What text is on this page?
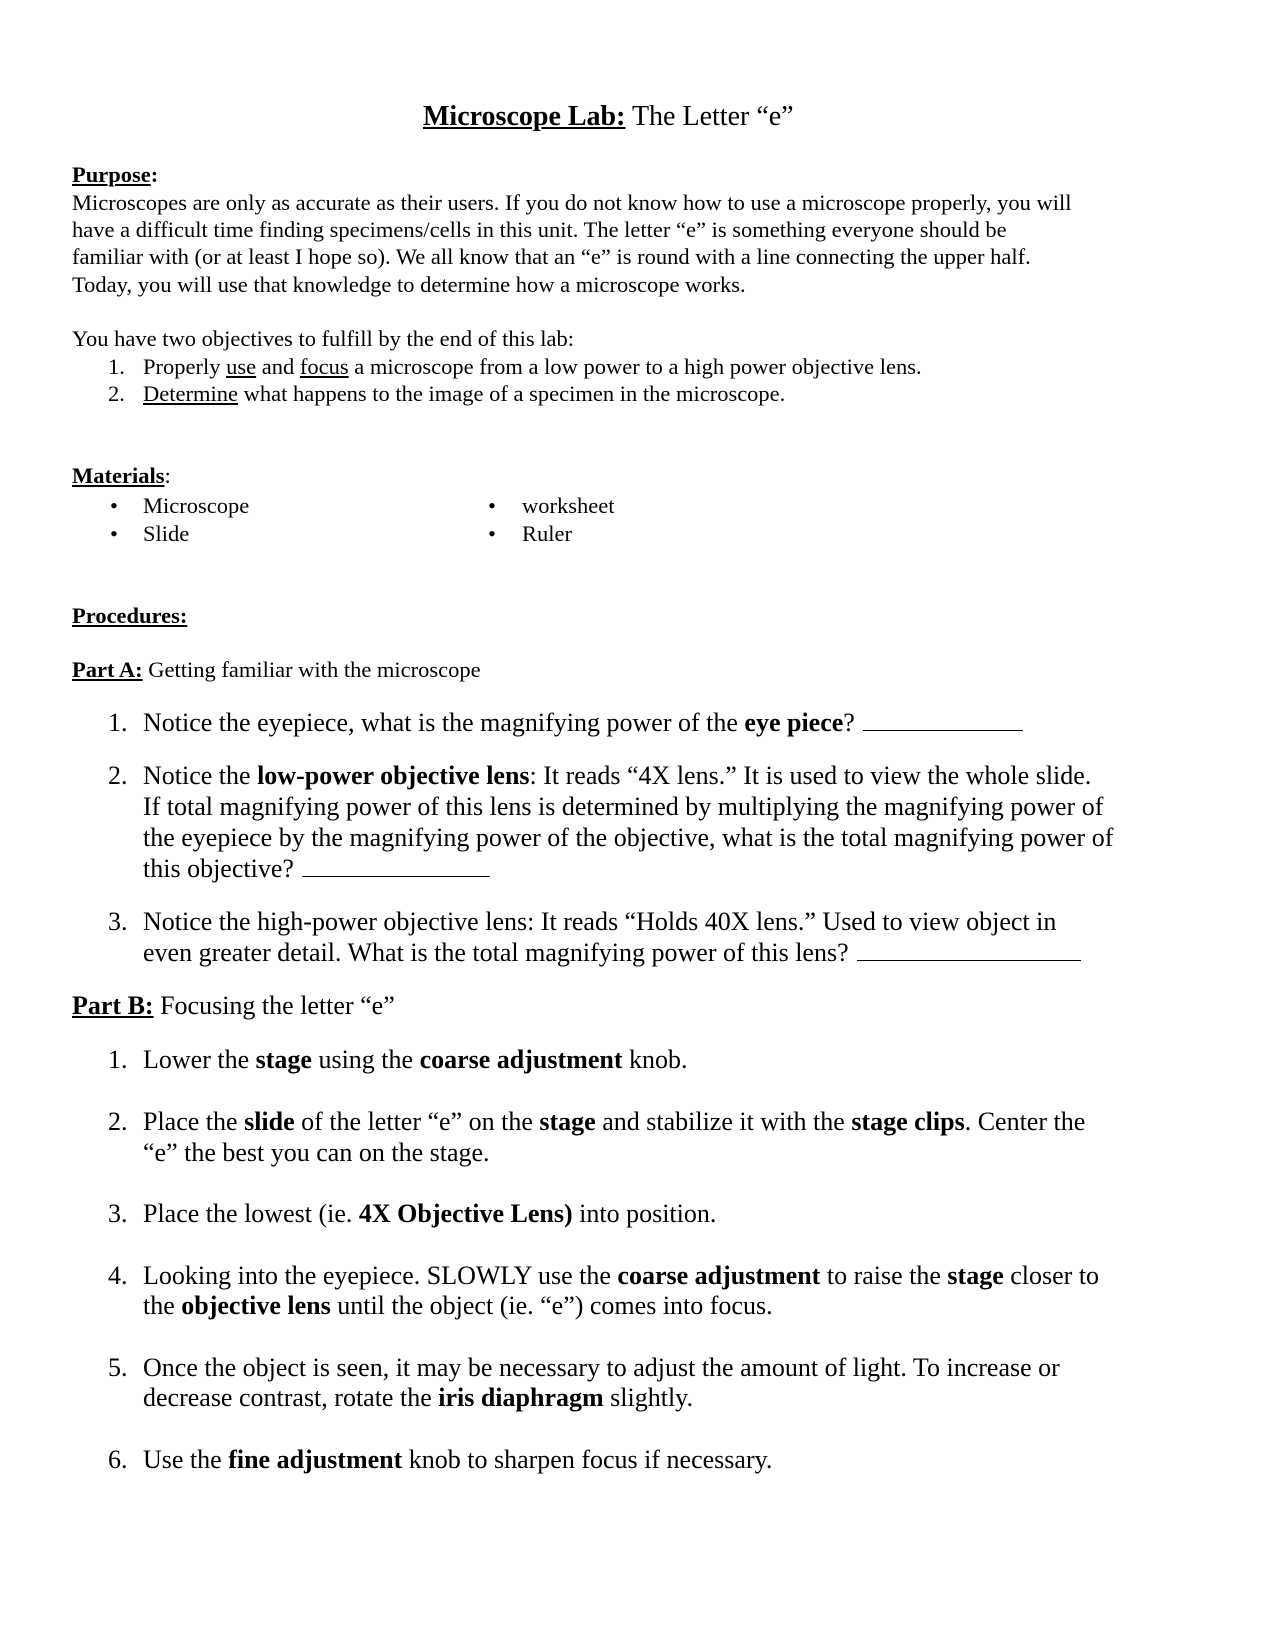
Microscope Lab: The Letter “e”
Purpose:
Microscopes are only as accurate as their users. If you do not know how to use a microscope properly, you will
have a difficult time finding specimens/cells in this unit. The letter “e” is something everyone should be
familiar with (or at least I hope so). We all know that an “e” is round with a line connecting the upper half.
Today, you will use that knowledge to determine how a microscope works.
You have two objectives to fulfill by the end of this lab:
1. Properly use and focus a microscope from a low power to a high power objective lens.
2. Determine what happens to the image of a specimen in the microscope.
Materials:
• Microscope
• Slide
• worksheet
• Ruler
Procedures:
Part A: Getting familiar with the microscope
1. Notice the eyepiece, what is the magnifying power of the eye piece?
2. Notice the low-power objective lens: It reads “4X lens.” It is used to view the whole slide.
If total magnifying power of this lens is determined by multiplying the magnifying power of
the eyepiece by the magnifying power of the objective, what is the total magnifying power of
this objective?
3. Notice the high-power objective lens: It reads “Holds 40X lens.” Used to view object in
even greater detail. What is the total magnifying power of this lens?
Part B: Focusing the letter “e”
1. Lower the stage using the coarse adjustment knob.
2. Place the slide of the letter “e” on the stage and stabilize it with the stage clips. Center the
“e” the best you can on the stage.
3. Place the lowest (ie. 4X Objective Lens) into position.
4. Looking into the eyepiece. SLOWLY use the coarse adjustment to raise the stage closer to
the objective lens until the object (ie. “e”) comes into focus.
5. Once the object is seen, it may be necessary to adjust the amount of light. To increase or
decrease contrast, rotate the iris diaphragm slightly.
6. Use the fine adjustment knob to sharpen focus if necessary.
